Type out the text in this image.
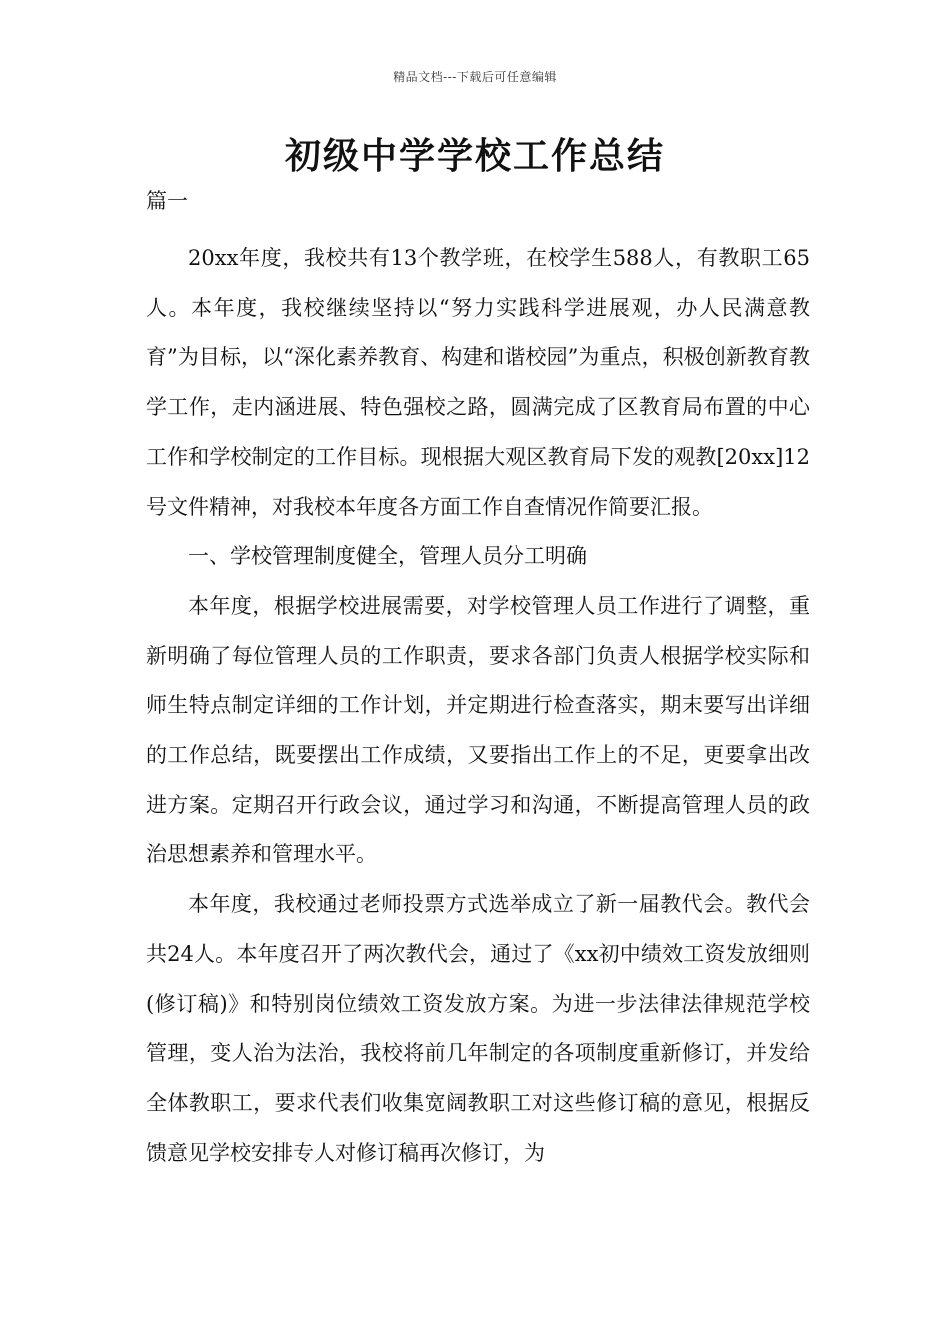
精品文档---下载后可任意编辑
初级中学学校工作总结
篇一

20xx年度，我校共有13个教学班，在校学生588人，有教职工65人。本年度，我校继续坚持以“努力实践科学进展观，办人民满意教育”为目标，以“深化素养教育、构建和谐校园”为重点，积极创新教育教学工作，走内涵进展、特色强校之路，圆满完成了区教育局布置的中心工作和学校制定的工作目标。现根据大观区教育局下发的观教[20xx]12号文件精神，对我校本年度各方面工作自查情况作简要汇报。

一、学校管理制度健全，管理人员分工明确

本年度，根据学校进展需要，对学校管理人员工作进行了调整，重新明确了每位管理人员的工作职责，要求各部门负责人根据学校实际和师生特点制定详细的工作计划，并定期进行检查落实，期末要写出详细的工作总结，既要摆出工作成绩，又要指出工作上的不足，更要拿出改进方案。定期召开行政会议，通过学习和沟通，不断提高管理人员的政治思想素养和管理水平。

本年度，我校通过老师投票方式选举成立了新一届教代会。教代会共24人。本年度召开了两次教代会，通过了《xx初中绩效工资发放细则(修订稿)》和特别岗位绩效工资发放方案。为进一步法律法律规范学校管理，变人治为法治，我校将前几年制定的各项制度重新修订，并发给全体教职工，要求代表们收集宽阔教职工对这些修订稿的意见，根据反馈意见学校安排专人对修订稿再次修订，为
